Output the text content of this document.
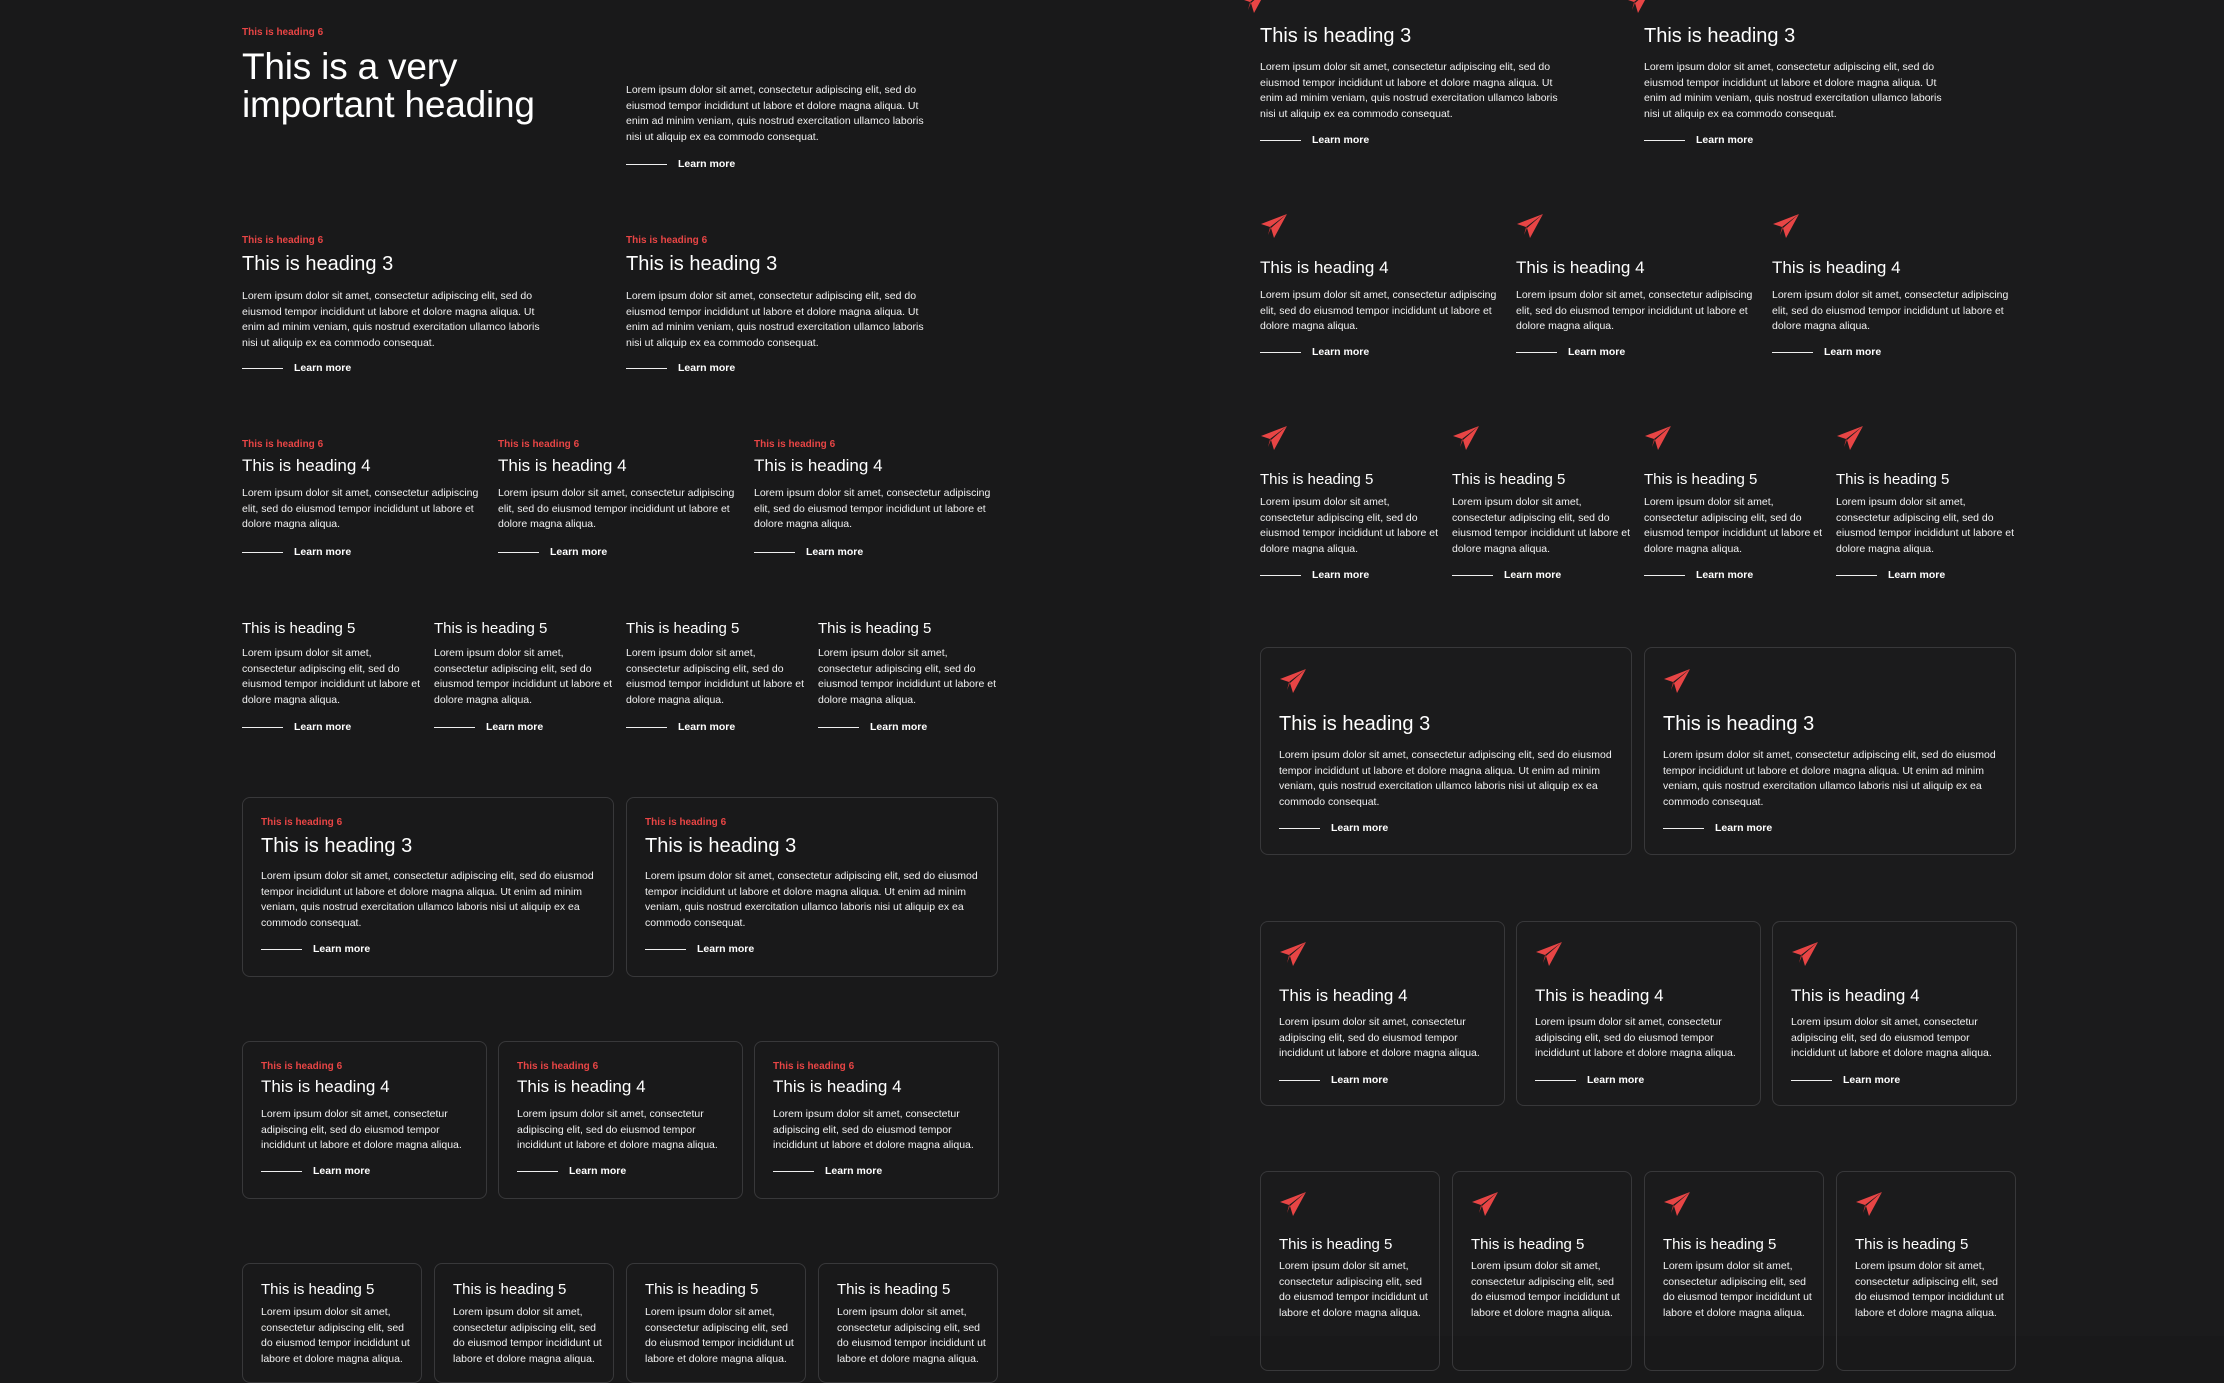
This is heading 6
This is a very important heading	Lorem ipsum dolor sit amet, consectetur adipiscing elit, sed do eiusmod tempor incididunt ut labore et dolore magna aliqua. Ut enim ad minim veniam, quis nostrud exercitation ullamco laboris nisi ut aliquip ex ea commodo consequat.
Learn more
This is heading 6
This is heading 3
Lorem ipsum dolor sit amet, consectetur adipiscing elit, sed do eiusmod tempor incididunt ut labore et dolore magna aliqua. Ut enim ad minim veniam, quis nostrud exercitation ullamco laboris nisi ut aliquip ex ea commodo consequat.
Learn more
This is heading 6
This is heading 3
Lorem ipsum dolor sit amet, consectetur adipiscing elit, sed do eiusmod tempor incididunt ut labore et dolore magna aliqua. Ut enim ad minim veniam, quis nostrud exercitation ullamco laboris nisi ut aliquip ex ea commodo consequat.
Learn more
This is heading 6
This is heading 4
Lorem ipsum dolor sit amet, consectetur adipiscing elit, sed do eiusmod tempor incididunt ut labore et dolore magna aliqua.
Learn more
This is heading 6
This is heading 4
Lorem ipsum dolor sit amet, consectetur adipiscing elit, sed do eiusmod tempor incididunt ut labore et dolore magna aliqua.
Learn more
This is heading 6
This is heading 4
Lorem ipsum dolor sit amet, consectetur adipiscing elit, sed do eiusmod tempor incididunt ut labore et dolore magna aliqua.
Learn more
This is heading 5
Lorem ipsum dolor sit amet, consectetur adipiscing elit, sed do eiusmod tempor incididunt ut labore et dolore magna aliqua.
Learn more
This is heading 5
Lorem ipsum dolor sit amet, consectetur adipiscing elit, sed do eiusmod tempor incididunt ut labore et dolore magna aliqua.
Learn more
This is heading 5
Lorem ipsum dolor sit amet, consectetur adipiscing elit, sed do eiusmod tempor incididunt ut labore et dolore magna aliqua.
Learn more
This is heading 5
Lorem ipsum dolor sit amet, consectetur adipiscing elit, sed do eiusmod tempor incididunt ut labore et dolore magna aliqua.
Learn more
This is heading 6
This is heading 3
Lorem ipsum dolor sit amet, consectetur adipiscing elit, sed do eiusmod tempor incididunt ut labore et dolore magna aliqua. Ut enim ad minim veniam, quis nostrud exercitation ullamco laboris nisi ut aliquip ex ea commodo consequat.
Learn more
This is heading 6
This is heading 3
Lorem ipsum dolor sit amet, consectetur adipiscing elit, sed do eiusmod tempor incididunt ut labore et dolore magna aliqua. Ut enim ad minim veniam, quis nostrud exercitation ullamco laboris nisi ut aliquip ex ea commodo consequat.
Learn more
This is heading 6
This is heading 4
Lorem ipsum dolor sit amet, consectetur adipiscing elit, sed do eiusmod tempor incididunt ut labore et dolore magna aliqua.
Learn more
This is heading 6
This is heading 4
Lorem ipsum dolor sit amet, consectetur adipiscing elit, sed do eiusmod tempor incididunt ut labore et dolore magna aliqua.
Learn more
This is heading 6
This is heading 4
Lorem ipsum dolor sit amet, consectetur adipiscing elit, sed do eiusmod tempor incididunt ut labore et dolore magna aliqua.
Learn more
This is heading 5
Lorem ipsum dolor sit amet, consectetur adipiscing elit, sed do eiusmod tempor incididunt ut labore et dolore magna aliqua.
This is heading 5
Lorem ipsum dolor sit amet, consectetur adipiscing elit, sed do eiusmod tempor incididunt ut labore et dolore magna aliqua.
This is heading 5
Lorem ipsum dolor sit amet, consectetur adipiscing elit, sed do eiusmod tempor incididunt ut labore et dolore magna aliqua.
This is heading 5
Lorem ipsum dolor sit amet, consectetur adipiscing elit, sed do eiusmod tempor incididunt ut labore et dolore magna aliqua.
This is heading 3
Lorem ipsum dolor sit amet, consectetur adipiscing elit, sed do eiusmod tempor incididunt ut labore et dolore magna aliqua. Ut enim ad minim veniam, quis nostrud exercitation ullamco laboris nisi ut aliquip ex ea commodo consequat.
Learn more
This is heading 3
Lorem ipsum dolor sit amet, consectetur adipiscing elit, sed do eiusmod tempor incididunt ut labore et dolore magna aliqua. Ut enim ad minim veniam, quis nostrud exercitation ullamco laboris nisi ut aliquip ex ea commodo consequat.
Learn more
This is heading 4
Lorem ipsum dolor sit amet, consectetur adipiscing elit, sed do eiusmod tempor incididunt ut labore et dolore magna aliqua.
Learn more
This is heading 4
Lorem ipsum dolor sit amet, consectetur adipiscing elit, sed do eiusmod tempor incididunt ut labore et dolore magna aliqua.
Learn more
This is heading 4
Lorem ipsum dolor sit amet, consectetur adipiscing elit, sed do eiusmod tempor incididunt ut labore et dolore magna aliqua.
Learn more
This is heading 5
Lorem ipsum dolor sit amet, consectetur adipiscing elit, sed do eiusmod tempor incididunt ut labore et dolore magna aliqua.
Learn more
This is heading 5
Lorem ipsum dolor sit amet, consectetur adipiscing elit, sed do eiusmod tempor incididunt ut labore et dolore magna aliqua.
Learn more
This is heading 5
Lorem ipsum dolor sit amet, consectetur adipiscing elit, sed do eiusmod tempor incididunt ut labore et dolore magna aliqua.
Learn more
This is heading 5
Lorem ipsum dolor sit amet, consectetur adipiscing elit, sed do eiusmod tempor incididunt ut labore et dolore magna aliqua.
Learn more
This is heading 3
Lorem ipsum dolor sit amet, consectetur adipiscing elit, sed do eiusmod tempor incididunt ut labore et dolore magna aliqua. Ut enim ad minim veniam, quis nostrud exercitation ullamco laboris nisi ut aliquip ex ea commodo consequat.
Learn more
This is heading 3
Lorem ipsum dolor sit amet, consectetur adipiscing elit, sed do eiusmod tempor incididunt ut labore et dolore magna aliqua. Ut enim ad minim veniam, quis nostrud exercitation ullamco laboris nisi ut aliquip ex ea commodo consequat.
Learn more
This is heading 4
Lorem ipsum dolor sit amet, consectetur adipiscing elit, sed do eiusmod tempor incididunt ut labore et dolore magna aliqua.
Learn more
This is heading 4
Lorem ipsum dolor sit amet, consectetur adipiscing elit, sed do eiusmod tempor incididunt ut labore et dolore magna aliqua.
Learn more
This is heading 4
Lorem ipsum dolor sit amet, consectetur adipiscing elit, sed do eiusmod tempor incididunt ut labore et dolore magna aliqua.
Learn more
This is heading 5
Lorem ipsum dolor sit amet, consectetur adipiscing elit, sed do eiusmod tempor incididunt ut labore et dolore magna aliqua.
This is heading 5
Lorem ipsum dolor sit amet, consectetur adipiscing elit, sed do eiusmod tempor incididunt ut labore et dolore magna aliqua.
This is heading 5
Lorem ipsum dolor sit amet, consectetur adipiscing elit, sed do eiusmod tempor incididunt ut labore et dolore magna aliqua.
This is heading 5
Lorem ipsum dolor sit amet, consectetur adipiscing elit, sed do eiusmod tempor incididunt ut labore et dolore magna aliqua.
